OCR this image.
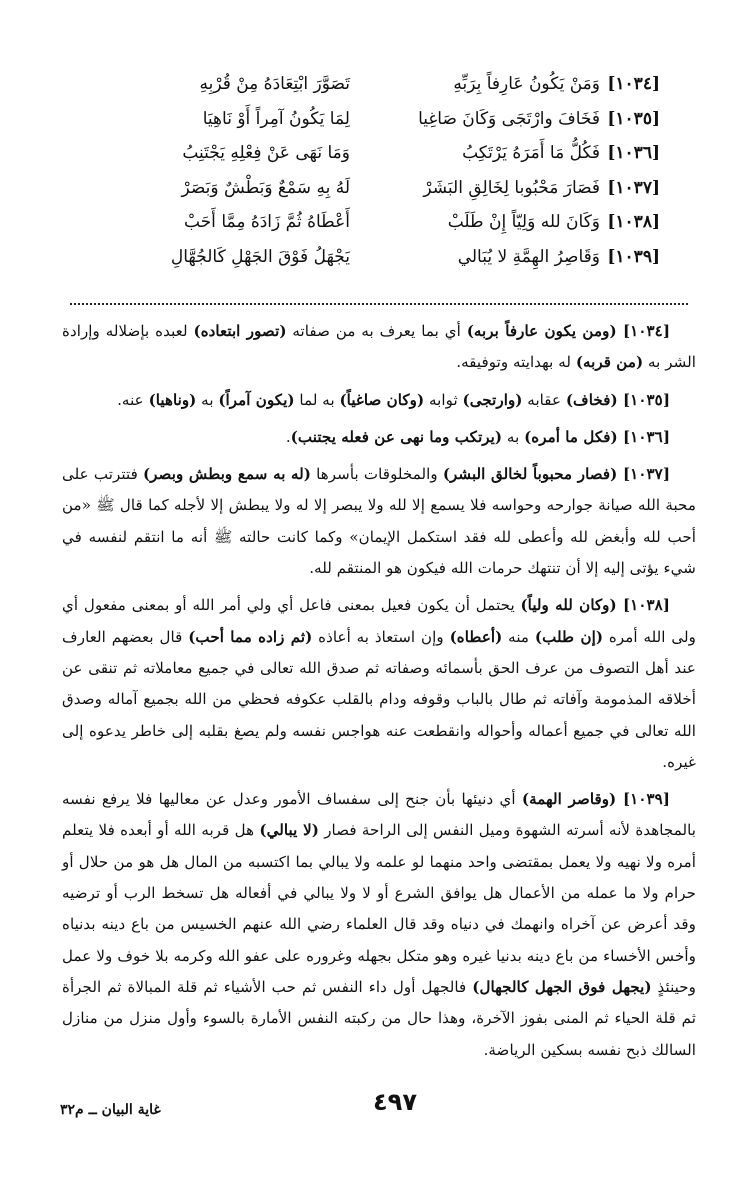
[١٠٣٤]
وَمَنْ يَكُونُ عَارِفاً بِرَبِّهِ
تَصَوَّرَ ابْتِعَادَهُ مِنْ قُرْبِهِ
[١٠٣٥]
فَخَافَ وارْتَجَى وَكَانَ صَاغِيا
لِمَا يَكُونُ آمِراً أَوْ نَاهِيَا
[١٠٣٦]
فَكُلُّ مَا أَمَرَهُ يَرْتَكِبُ
وَمَا نَهَى عَنْ فِعْلِهِ يَجْتَنِبُ
[١٠٣٧]
فَصَارَ مَحْبُوبا لِخَالِقِ البَشَرْ
لَهُ بِهِ سَمْعٌ وَبَطْشٌ وَبَصَرْ
[١٠٣٨]
وَكَانَ لله وَلِيّاً إِنْ طَلَبْ
أَعْطَاهُ ثُمَّ زَادَهُ مِمَّا أَحَبْ
[١٠٣٩]
وَقَاصِرُ الهِمَّةِ لا يُبَالي
يَجْهَلُ فَوْقَ الجَهْلِ كَالجُهَّالِ

[١٠٣٤] (ومن يكون عارفاً بربه) أي بما يعرف به من صفاته (تصور ابتعاده) لعبده بإضلاله وإرادة الشر به (من قربه) له بهدايته وتوفيقه.

[١٠٣٥] (فخاف) عقابه (وارتجى) ثوابه (وكان صاغياً) به لما (يكون آمراً) به (وناهيا) عنه.

[١٠٣٦] (فكل ما أمره) به (يرتكب وما نهى عن فعله يجتنب).

[١٠٣٧] (فصار محبوباً لخالق البشر) والمخلوقات بأسرها (له به سمع وبطش وبصر) فتترتب على محبة الله صيانة جوارحه وحواسه فلا يسمع إلا لله ولا يبصر إلا له ولا يبطش إلا لأجله كما قال ﷺ «من أحب لله وأبغض لله وأعطى لله فقد استكمل الإيمان» وكما كانت حالته ﷺ أنه ما انتقم لنفسه في شيء يؤتى إليه إلا أن تنتهك حرمات الله فيكون هو المنتقم لله.

[١٠٣٨] (وكان لله ولياً) يحتمل أن يكون فعيل بمعنى فاعل أي ولي أمر الله أو بمعنى مفعول أي ولى الله أمره (إن طلب) منه (أعطاه) وإن استعاذ به أعاذه (ثم زاده مما أحب) قال بعضهم العارف عند أهل التصوف من عرف الحق بأسمائه وصفاته ثم صدق الله تعالى في جميع معاملاته ثم تنقى عن أخلاقه المذمومة وآفاته ثم طال بالباب وقوفه ودام بالقلب عكوفه فحظي من الله بجميع آماله وصدق الله تعالى في جميع أعماله وأحواله وانقطعت عنه هواجس نفسه ولم يصغ بقلبه إلى خاطر يدعوه إلى غيره.

[١٠٣٩] (وقاصر الهمة) أي دنيئها بأن جنح إلى سفساف الأمور وعدل عن معاليها فلا يرفع نفسه بالمجاهدة لأنه أسرته الشهوة وميل النفس إلى الراحة فصار (لا يبالي) هل قربه الله أو أبعده فلا يتعلم أمره ولا نهيه ولا يعمل بمقتضى واحد منهما لو علمه ولا يبالي بما اكتسبه من المال هل هو من حلال أو حرام ولا ما عمله من الأعمال هل يوافق الشرع أو لا ولا يبالي في أفعاله هل تسخط الرب أو ترضيه وقد أعرض عن آخراه وانهمك في دنياه وقد قال العلماء رضي الله عنهم الخسيس من باع دينه بدنياه وأخس الأخساء من باع دينه بدنيا غيره وهو متكل بجهله وغروره على عفو الله وكرمه بلا خوف ولا عمل وحينئذٍ (يجهل فوق الجهل كالجهال) فالجهل أول داء النفس ثم حب الأشياء ثم قلة المبالاة ثم الجرأة ثم قلة الحياء ثم المنى بفوز الآخرة، وهذا حال من ركبته النفس الأمارة بالسوء وأول منزل من منازل السالك ذبح نفسه بسكين الرياضة.

٤٩٧
غاية البيان ــ م٣٢
